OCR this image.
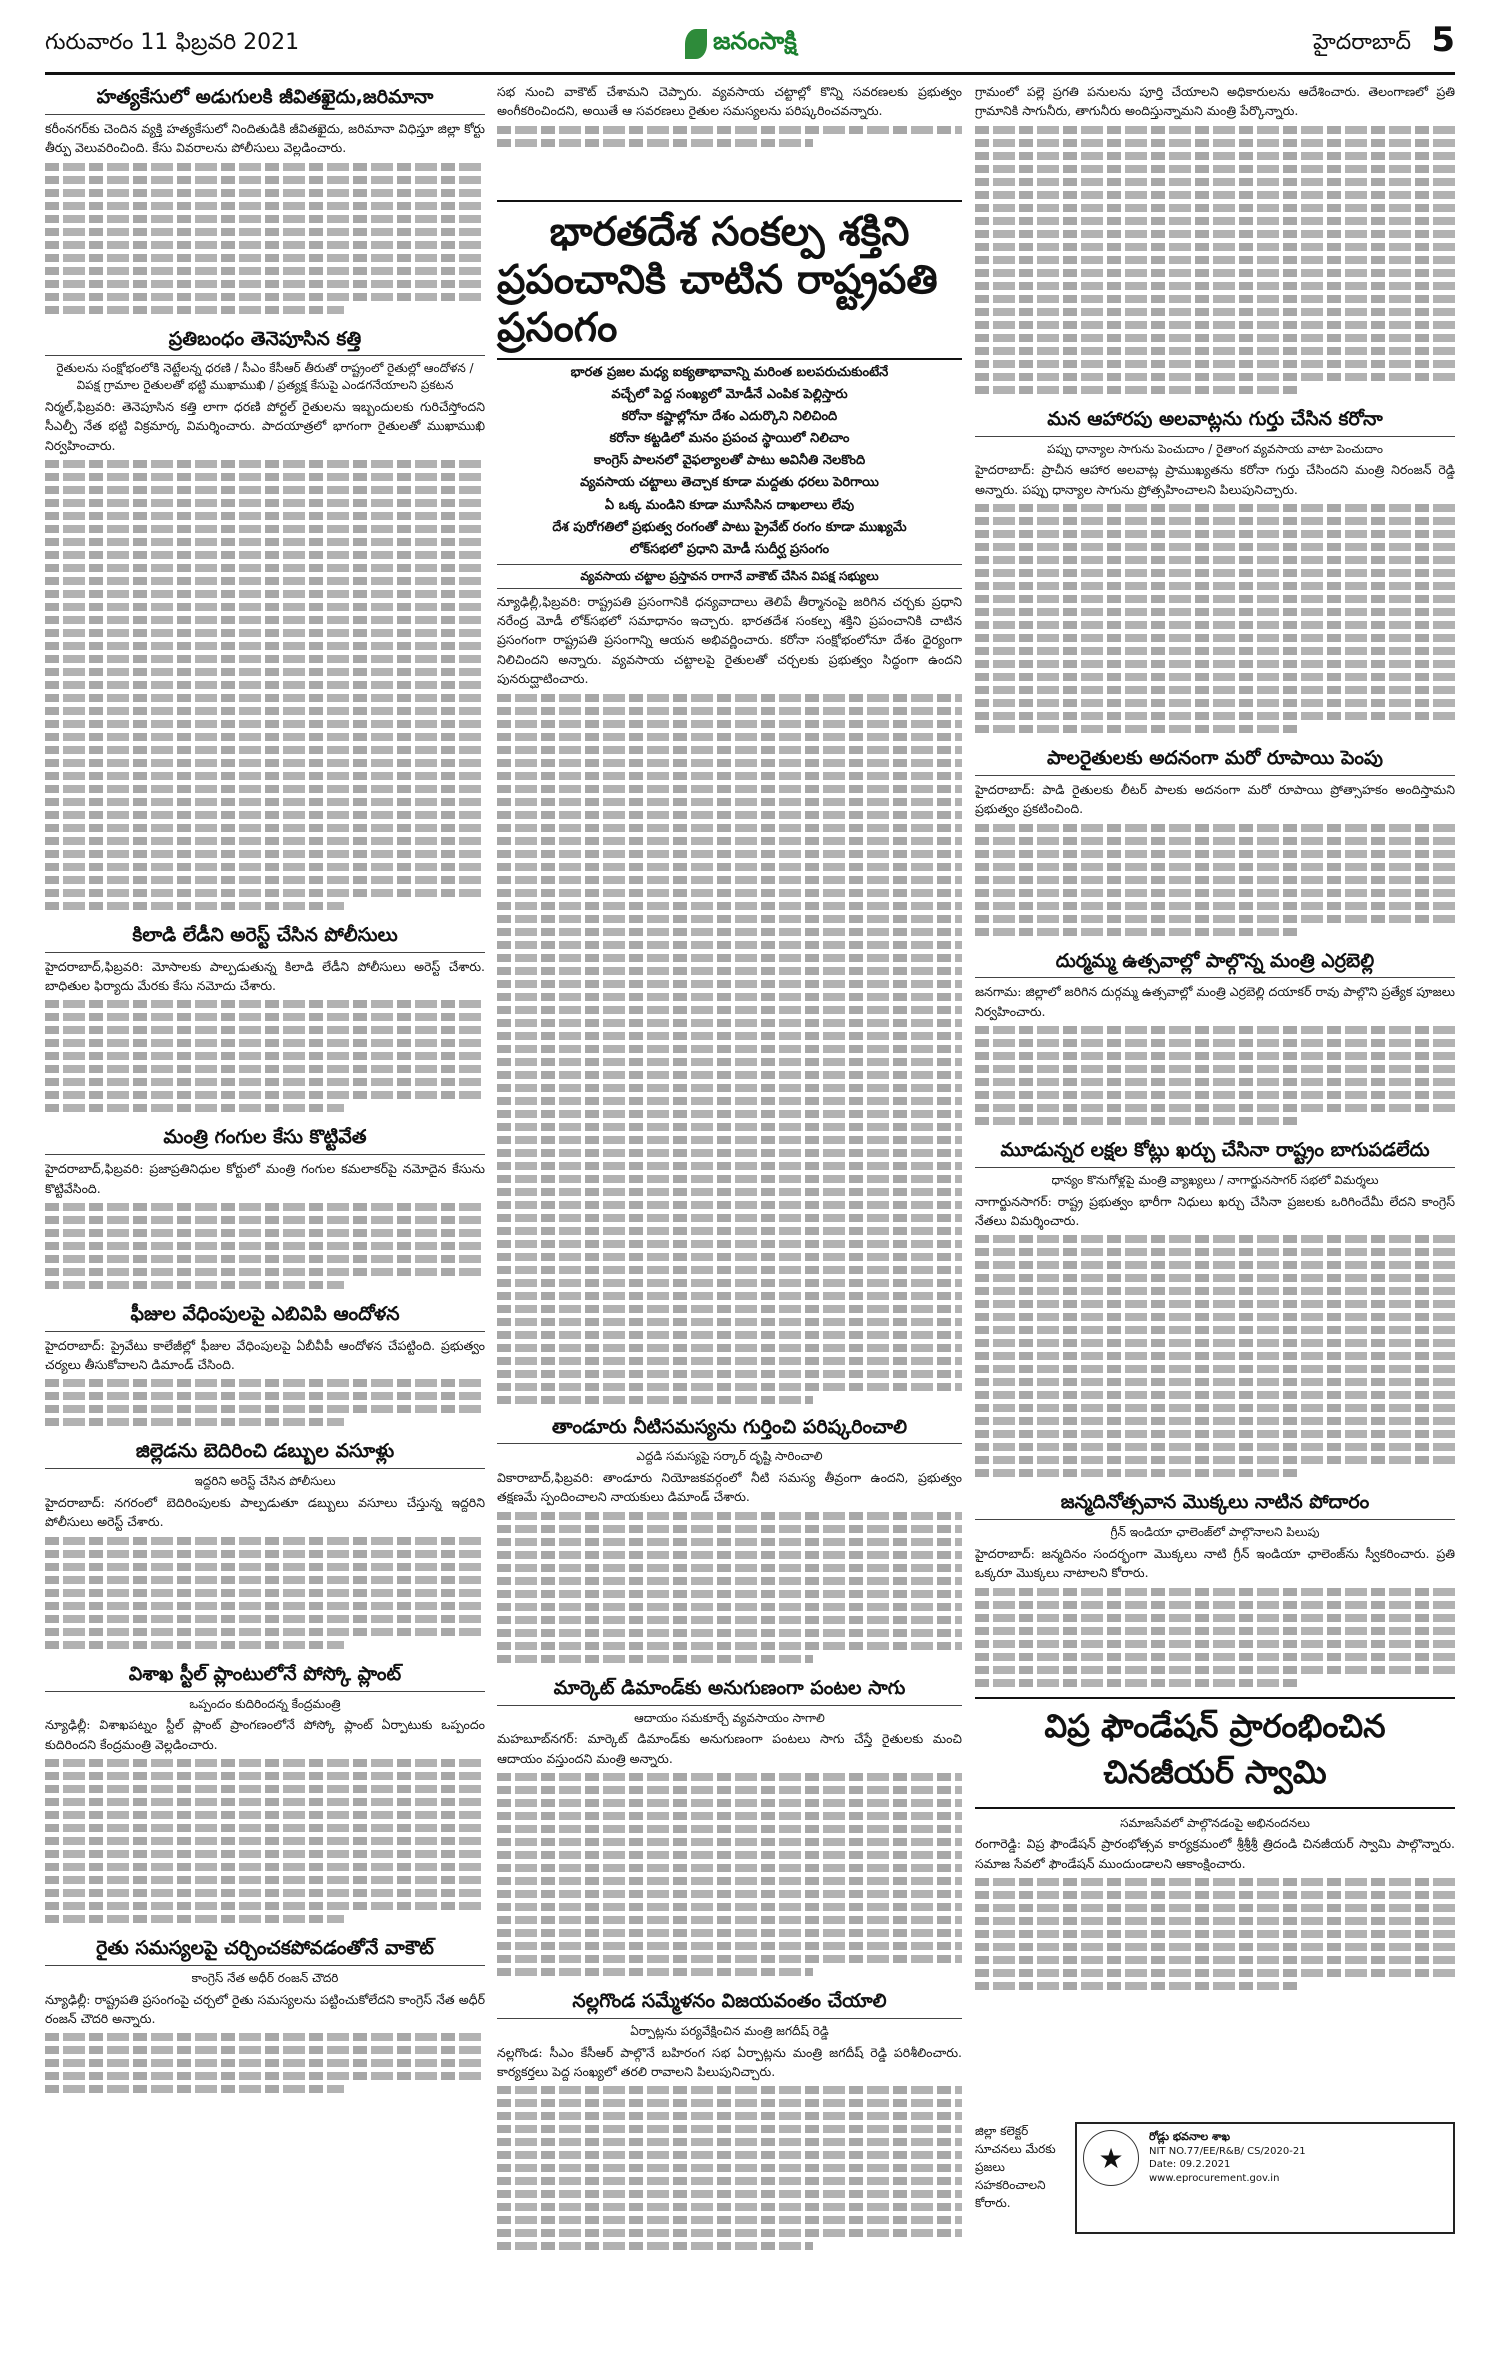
గురువారం 11 ఫిబ్రవరి 2021	జనంసాక్షి	హైదరాబాద్ 5
హత్యకేసులో అడుగులకి జీవితఖైదు,జరిమానా

కరీంనగర్‌కు చెందిన వ్యక్తి హత్యకేసులో నిందితుడికి జీవితఖైదు, జరిమానా విధిస్తూ జిల్లా కోర్టు తీర్పు వెలువరించింది. కేసు వివరాలను పోలీసులు వెల్లడించారు.

ప్రతిబంధం తెనెపూసిన కత్తి
రైతులను సంక్షోభంలోకి నెట్టేలన్న ధరణి / సీఎం కేసీఆర్ తీరుతో రాష్ట్రంలో రైతుల్లో ఆందోళన / విపక్ష గ్రామాల రైతులతో భట్టి ముఖాముఖి / ప్రత్యక్ష కేసుపై ఎండగనేయాలని ప్రకటన

నిర్మల్,ఫిబ్రవరి: తెనెపూసిన కత్తి లాగా ధరణి పోర్టల్ రైతులను ఇబ్బందులకు గురిచేస్తోందని సీఎల్పీ నేత భట్టి విక్రమార్క విమర్శించారు. పాదయాత్రలో భాగంగా రైతులతో ముఖాముఖి నిర్వహించారు.

కిలాడి లేడీని అరెస్ట్ చేసిన పోలీసులు

హైదరాబాద్,ఫిబ్రవరి: మోసాలకు పాల్పడుతున్న కిలాడి లేడీని పోలీసులు అరెస్ట్ చేశారు. బాధితుల ఫిర్యాదు మేరకు కేసు నమోదు చేశారు.

మంత్రి గంగుల కేసు కొట్టివేత

హైదరాబాద్,ఫిబ్రవరి: ప్రజాప్రతినిధుల కోర్టులో మంత్రి గంగుల కమలాకర్‌పై నమోదైన కేసును కొట్టివేసింది.

ఫీజుల వేధింపులపై ఎబివిపి ఆందోళన

హైదరాబాద్: ప్రైవేటు కాలేజీల్లో ఫీజుల వేధింపులపై ఏబీవీపీ ఆందోళన చేపట్టింది. ప్రభుత్వం చర్యలు తీసుకోవాలని డిమాండ్ చేసింది.

జిల్లెడను బెదిరించి డబ్బుల వసూళ్లు
ఇద్దరిని అరెస్ట్ చేసిన పోలీసులు

హైదరాబాద్: నగరంలో బెదిరింపులకు పాల్పడుతూ డబ్బులు వసూలు చేస్తున్న ఇద్దరిని పోలీసులు అరెస్ట్ చేశారు.

విశాఖ స్టీల్ ప్లాంటులోనే పోస్కో ప్లాంట్
ఒప్పందం కుదిరిందన్న కేంద్రమంత్రి

న్యూఢిల్లీ: విశాఖపట్నం స్టీల్ ప్లాంట్ ప్రాంగణంలోనే పోస్కో ప్లాంట్ ఏర్పాటుకు ఒప్పందం కుదిరిందని కేంద్రమంత్రి వెల్లడించారు.

రైతు సమస్యలపై చర్చించకపోవడంతోనే వాకౌట్
కాంగ్రెస్ నేత అధీర్ రంజన్ చౌదరి

న్యూఢిల్లీ: రాష్ట్రపతి ప్రసంగంపై చర్చలో రైతు సమస్యలను పట్టించుకోలేదని కాంగ్రెస్ నేత అధీర్ రంజన్ చౌదరి అన్నారు.

సభ నుంచి వాకౌట్ చేశామని చెప్పారు. వ్యవసాయ చట్టాల్లో కొన్ని సవరణలకు ప్రభుత్వం అంగీకరించిందని, అయితే ఆ సవరణలు రైతుల సమస్యలను పరిష్కరించవన్నారు.

భారత ప్రజల మధ్య ఐక్యతాభావాన్ని మరింత బలపరుచుకుంటేనే
వచ్చేలో పెద్ద సంఖ్యలో మోడీనే ఎంపిక పెల్లిస్తారు
కరోనా కష్టాల్లోనూ దేశం ఎదుర్కొని నిలిచింది
కరోనా కట్టడిలో మనం ప్రపంచ స్థాయిలో నిలిచాం
కాంగ్రెస్ పాలనలో వైఫల్యాలతో పాటు అవినీతి నెలకొంది
వ్యవసాయ చట్టాలు తెచ్చాక కూడా మద్దతు ధరలు పెరిగాయి
ఏ ఒక్క మండిని కూడా మూసేసిన దాఖలాలు లేవు
దేశ పురోగతిలో ప్రభుత్వ రంగంతో పాటు ప్రైవేట్ రంగం కూడా ముఖ్యమే
లోక్‌సభలో ప్రధాని మోడీ సుదీర్ఘ ప్రసంగం
వ్యవసాయ చట్టాల ప్రస్తావన రాగానే వాకౌట్ చేసిన విపక్ష సభ్యులు

న్యూఢిల్లీ,ఫిబ్రవరి: రాష్ట్రపతి ప్రసంగానికి ధన్యవాదాలు తెలిపే తీర్మానంపై జరిగిన చర్చకు ప్రధాని నరేంద్ర మోడీ లోక్‌సభలో సమాధానం ఇచ్చారు. భారతదేశ సంకల్ప శక్తిని ప్రపంచానికి చాటిన ప్రసంగంగా రాష్ట్రపతి ప్రసంగాన్ని ఆయన అభివర్ణించారు. కరోనా సంక్షోభంలోనూ దేశం ధైర్యంగా నిలిచిందని అన్నారు. వ్యవసాయ చట్టాలపై రైతులతో చర్చలకు ప్రభుత్వం సిద్ధంగా ఉందని పునరుద్ఘాటించారు.

తాండూరు నీటిసమస్యను గుర్తించి పరిష్కరించాలి
ఎద్దడి సమస్యపై సర్కార్ దృష్టి సారించాలి

వికారాబాద్,ఫిబ్రవరి: తాండూరు నియోజకవర్గంలో నీటి సమస్య తీవ్రంగా ఉందని, ప్రభుత్వం తక్షణమే స్పందించాలని నాయకులు డిమాండ్ చేశారు.

మార్కెట్ డిమాండ్‌కు అనుగుణంగా పంటల సాగు
ఆదాయం సమకూర్చే వ్యవసాయం సాగాలి

మహబూబ్‌నగర్: మార్కెట్ డిమాండ్‌కు అనుగుణంగా పంటలు సాగు చేస్తే రైతులకు మంచి ఆదాయం వస్తుందని మంత్రి అన్నారు.

నల్లగొండ సమ్మేళనం విజయవంతం చేయాలి
ఏర్పాట్లను పర్యవేక్షించిన మంత్రి జగదీష్ రెడ్డి

నల్లగొండ: సీఎం కేసీఆర్ పాల్గొనే బహిరంగ సభ ఏర్పాట్లను మంత్రి జగదీష్ రెడ్డి పరిశీలించారు. కార్యకర్తలు పెద్ద సంఖ్యలో తరలి రావాలని పిలుపునిచ్చారు.

భారతదేశ సంకల్ప శక్తిని
ప్రపంచానికి చాటిన రాష్ట్రపతి ప్రసంగం

గ్రామంలో పల్లె ప్రగతి పనులను పూర్తి చేయాలని అధికారులను ఆదేశించారు. తెలంగాణలో ప్రతి గ్రామానికి సాగునీరు, తాగునీరు అందిస్తున్నామని మంత్రి పేర్కొన్నారు.

మన ఆహారపు అలవాట్లను గుర్తు చేసిన కరోనా
పప్పు ధాన్యాల సాగును పెంచుదాం / రైతాంగ వ్యవసాయ వాటా పెంచుదాం

హైదరాబాద్: ప్రాచీన ఆహార అలవాట్ల ప్రాముఖ్యతను కరోనా గుర్తు చేసిందని మంత్రి నిరంజన్ రెడ్డి అన్నారు. పప్పు ధాన్యాల సాగును ప్రోత్సహించాలని పిలుపునిచ్చారు.

పాలరైతులకు అదనంగా మరో రూపాయి పెంపు

హైదరాబాద్: పాడి రైతులకు లీటర్ పాలకు అదనంగా మరో రూపాయి ప్రోత్సాహకం అందిస్తామని ప్రభుత్వం ప్రకటించింది.

దుర్మమ్మ ఉత్సవాల్లో పాల్గొన్న మంత్రి ఎర్రబెల్లి

జనగామ: జిల్లాలో జరిగిన దుర్గమ్మ ఉత్సవాల్లో మంత్రి ఎర్రబెల్లి దయాకర్ రావు పాల్గొని ప్రత్యేక పూజలు నిర్వహించారు.

మూడున్నర లక్షల కోట్లు ఖర్చు చేసినా రాష్ట్రం బాగుపడలేదు
ధాన్యం కొనుగోళ్లపై మంత్రి వ్యాఖ్యలు / నాగార్జునసాగర్ సభలో విమర్శలు

నాగార్జునసాగర్: రాష్ట్ర ప్రభుత్వం భారీగా నిధులు ఖర్చు చేసినా ప్రజలకు ఒరిగిందేమీ లేదని కాంగ్రెస్ నేతలు విమర్శించారు.

జన్మదినోత్సవాన మొక్కలు నాటిన పోదారం
గ్రీన్ ఇండియా ఛాలెంజ్‌లో పాల్గొనాలని పిలుపు

హైదరాబాద్: జన్మదినం సందర్భంగా మొక్కలు నాటి గ్రీన్ ఇండియా ఛాలెంజ్‌ను స్వీకరించారు. ప్రతి ఒక్కరూ మొక్కలు నాటాలని కోరారు.

విప్ర ఫౌండేషన్ ప్రారంభించిన చినజీయర్ స్వామి
సమాజసేవలో పాల్గొనడంపై అభినందనలు

రంగారెడ్డి: విప్ర ఫౌండేషన్ ప్రారంభోత్సవ కార్యక్రమంలో శ్రీశ్రీశ్రీ త్రిదండి చినజీయర్ స్వామి పాల్గొన్నారు. సమాజ సేవలో ఫౌండేషన్ ముందుండాలని ఆకాంక్షించారు.

జిల్లా కలెక్టర్ సూచనలు మేరకు ప్రజలు సహకరించాలని కోరారు.

★
రోడ్లు భవనాల శాఖ
NIT NO.77/EE/R&B/ CS/2020-21
Date: 09.2.2021
www.eprocurement.gov.in
